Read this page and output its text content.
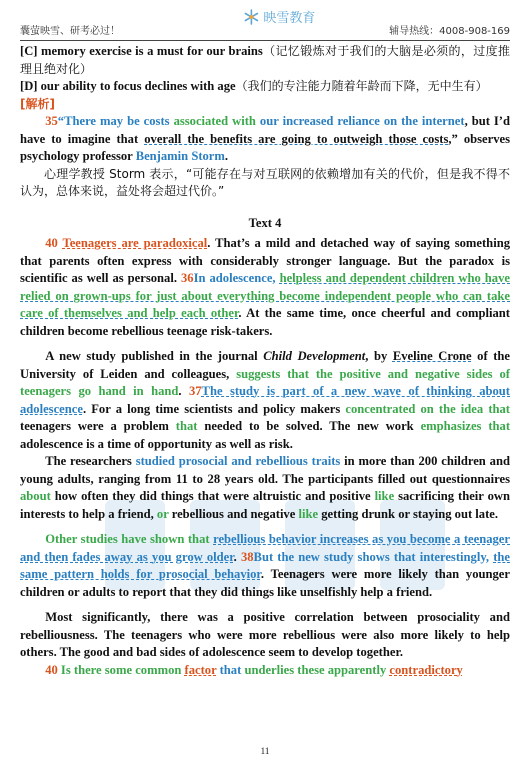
囊萤映雪、研考必过！
映雪教育
辅导热线：4008-908-169

[C] memory exercise is a must for our brains（记忆锻炼对于我们的大脑是必须的，过度推理且绝对化）

[D] our ability to focus declines with age（我们的专注能力随着年龄而下降，无中生有）

[解析]

35“There may be costs associated with our increased reliance on the internet, but I’d have to imagine that overall the benefits are going to outweigh those costs,” observes psychology professor Benjamin Storm.

心理学教授 Storm 表示，“可能存在与对互联网的依赖增加有关的代价，但是我不得不认为，总体来说，益处将会超过代价。”

Text 4

40 Teenagers are paradoxical. That’s a mild and detached way of saying something that parents often express with considerably stronger language. But the paradox is scientific as well as personal. 36In adolescence, helpless and dependent children who have relied on grown-ups for just about everything become independent people who can take care of themselves and help each other. At the same time, once cheerful and compliant children become rebellious teenage risk-takers.

A new study published in the journal Child Development, by Eveline Crone of the University of Leiden and colleagues, suggests that the positive and negative sides of teenagers go hand in hand. 37The study is part of a new wave of thinking about adolescence. For a long time scientists and policy makers concentrated on the idea that teenagers were a problem that needed to be solved. The new work emphasizes that adolescence is a time of opportunity as well as risk.

The researchers studied prosocial and rebellious traits in more than 200 children and young adults, ranging from 11 to 28 years old. The participants filled out questionnaires about how often they did things that were altruistic and positive like sacrificing their own interests to help a friend, or rebellious and negative like getting drunk or staying out late.

Other studies have shown that rebellious behavior increases as you become a teenager and then fades away as you grow older. 38But the new study shows that interestingly, the same pattern holds for prosocial behavior. Teenagers were more likely than younger children or adults to report that they did things like unselfishly help a friend.

Most significantly, there was a positive correlation between prosociality and rebelliousness. The teenagers who were more rebellious were also more likely to help others. The good and bad sides of adolescence seem to develop together.

40 Is there some common factor that underlies these apparently contradictory

11
